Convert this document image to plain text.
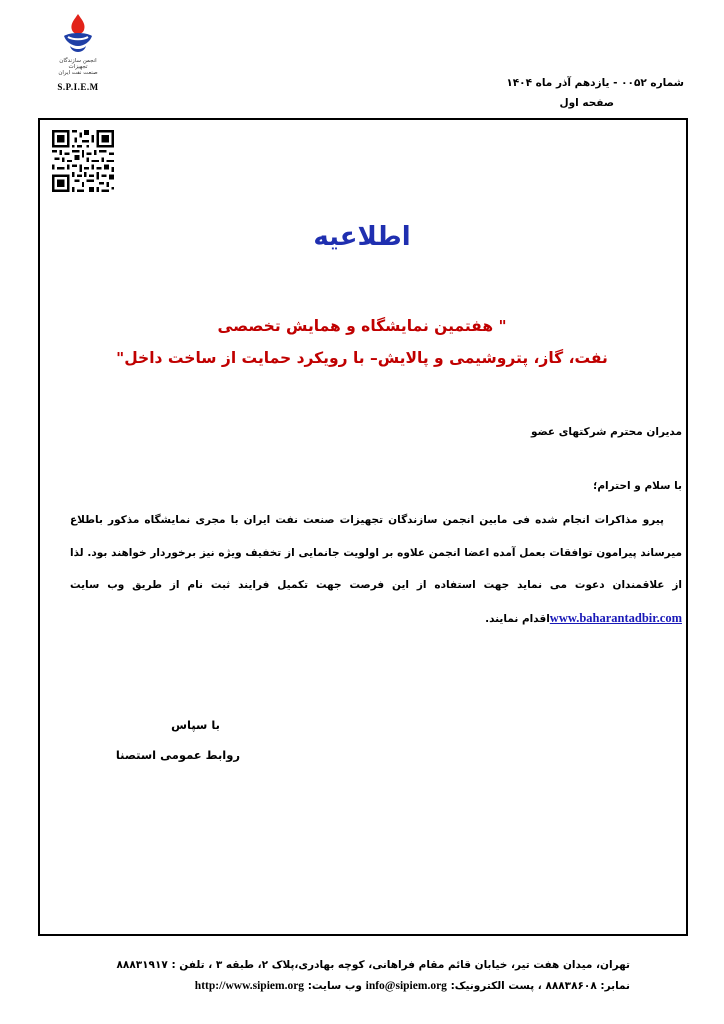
انجمن سازندگان
تجهیزات
صنعت نفت ایران
S.P.I.E.M	شماره ۰۰۵۲ - یازدهم آذر ماه ۱۴۰۴
صفحه اول
اطلاعیه
" هفتمین نمایشگاه و همایش تخصصی
نفت، گاز، پتروشیمی و پالایش– با رویکرد حمایت از ساخت داخل"
مدیران محترم شرکتهای عضو
با سلام و احترام؛
پیرو مذاکرات انجام شده فی مابین انجمن سازندگان تجهیزات صنعت نفت ایران با مجری نمایشگاه مذکور باطلاع میرساند پیرامون توافقات بعمل آمده اعضا انجمن علاوه بر اولویت جانمایی از تخفیف ویژه نیز برخوردار خواهند بود. لذا از علاقمندان دعوت می نماید جهت استفاده از این فرصت جهت تکمیل فرایند ثبت نام از طریق وب سایت www.baharantadbir.comاقدام نمایند.
با سپاس
روابط عمومی استصنا
تهران، میدان هفت تیر، خیابان قائم مقام فراهانی، کوچه بهادری،پلاک ۲، طبقه ۳ ، تلفن : ۸۸۸۳۱۹۱۷
نمابر: ۸۸۸۳۸۶۰۸ ، پست الکترونیک: info@sipiem.org وب سایت: http://www.sipiem.org
